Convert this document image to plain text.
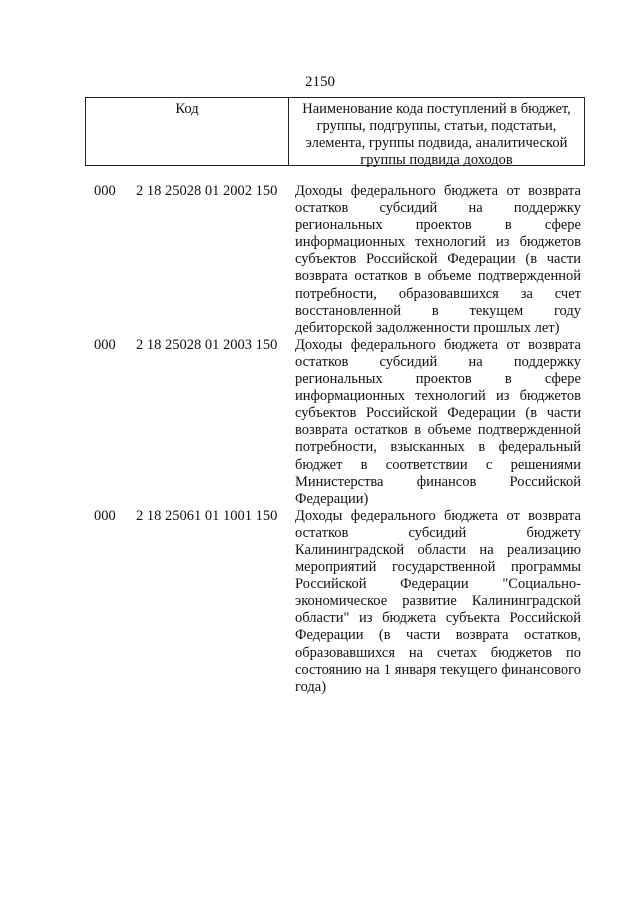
2150
Код	Наименование кода поступлений в бюджет,
группы, подгруппы, статьи, подстатьи,
элемента, группы подвида, аналитической
группы подвида доходов
000 2 18 25028 01 2002 150 Доходы федерального бюджета от возврата
остатков субсидий на поддержку
региональных проектов в сфере
информационных технологий из бюджетов
субъектов Российской Федерации (в части
возврата остатков в объеме подтвержденной
потребности, образовавшихся за счет
восстановленной в текущем году
дебиторской задолженности прошлых лет)
000 2 18 25028 01 2003 150 Доходы федерального бюджета от возврата
остатков субсидий на поддержку
региональных проектов в сфере
информационных технологий из бюджетов
субъектов Российской Федерации (в части
возврата остатков в объеме подтвержденной
потребности, взысканных в федеральный
бюджет в соответствии с решениями
Министерства финансов Российской
Федерации)
000 2 18 25061 01 1001 150 Доходы федерального бюджета от возврата
остатков субсидий бюджету
Калининградской области на реализацию
мероприятий государственной программы
Российской Федерации "Социально-
экономическое развитие Калининградской
области" из бюджета субъекта Российской
Федерации (в части возврата остатков,
образовавшихся на счетах бюджетов по
состоянию на 1 января текущего финансового
года)
